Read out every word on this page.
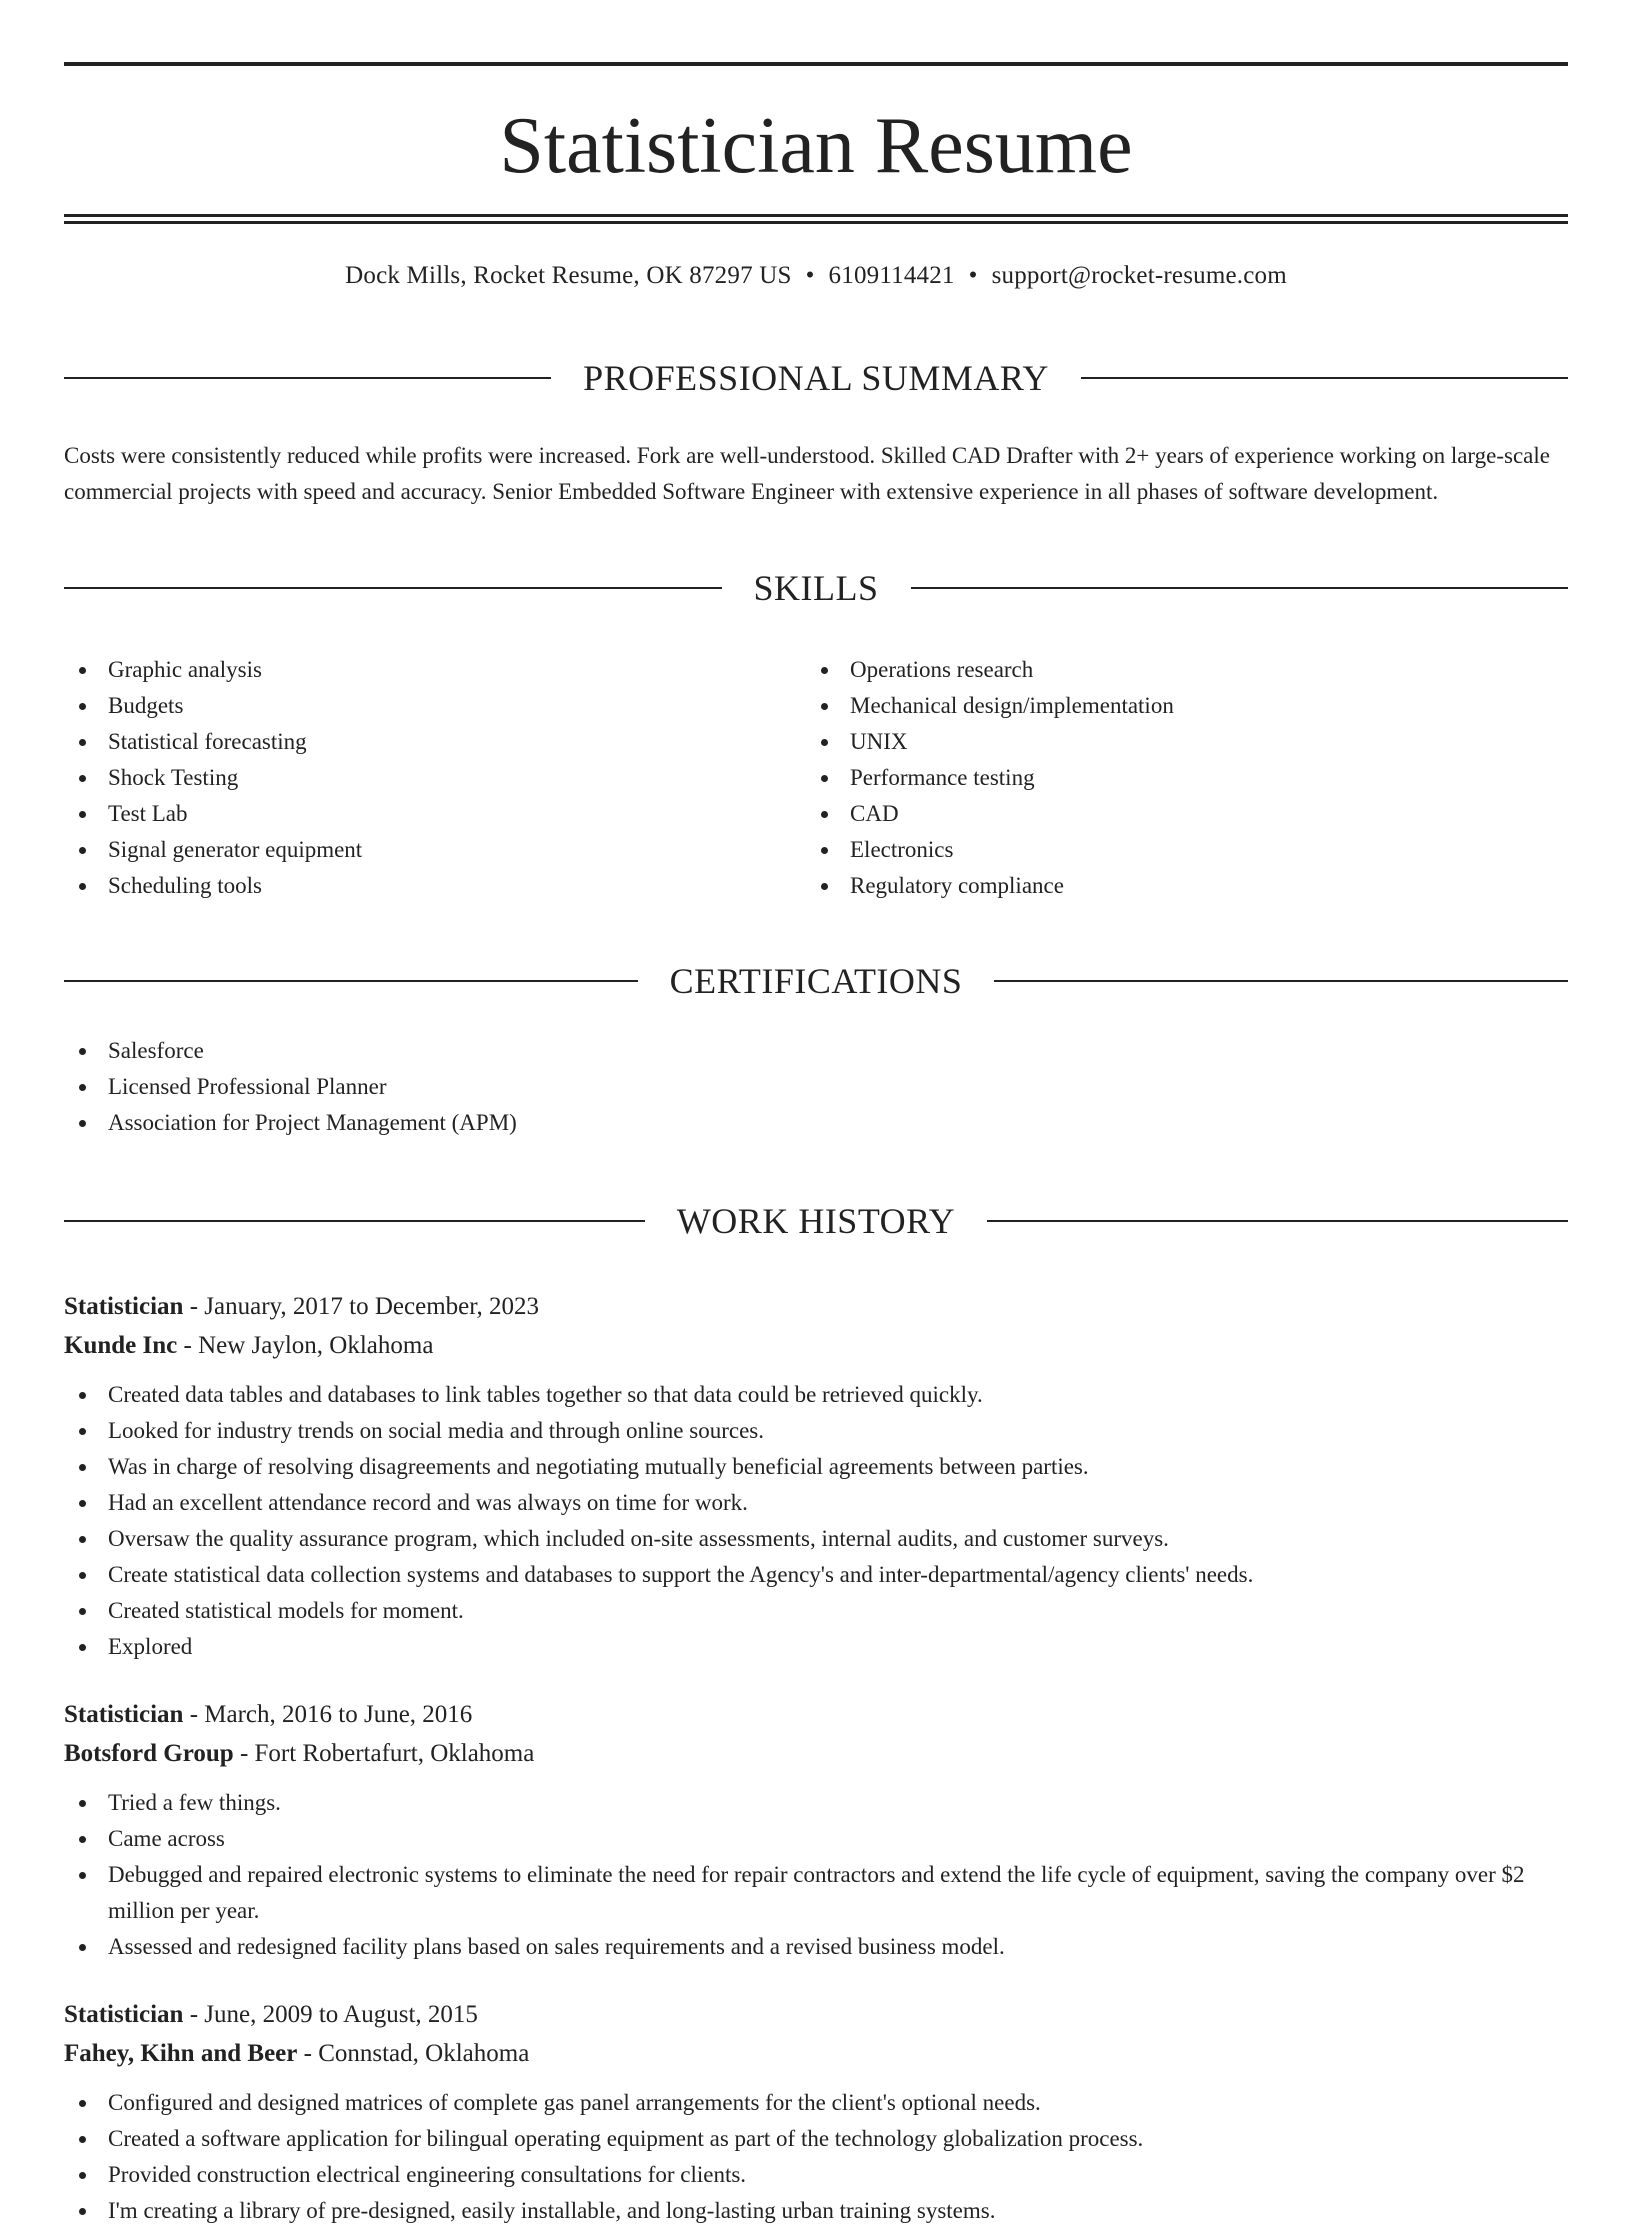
Statistician Resume
Dock Mills, Rocket Resume, OK 87297 US • 6109114421 • support@rocket-resume.com
PROFESSIONAL SUMMARY

Costs were consistently reduced while profits were increased. Fork are well-understood. Skilled CAD Drafter with 2+ years of experience working on large-scale commercial projects with speed and accuracy. Senior Embedded Software Engineer with extensive experience in all phases of software development.

SKILLS
Graphic analysis
Budgets
Statistical forecasting
Shock Testing
Test Lab
Signal generator equipment
Scheduling tools
Operations research
Mechanical design/implementation
UNIX
Performance testing
CAD
Electronics
Regulatory compliance
CERTIFICATIONS
Salesforce
Licensed Professional Planner
Association for Project Management (APM)
WORK HISTORY
Statistician - January, 2017 to December, 2023
Kunde Inc - New Jaylon, Oklahoma
Created data tables and databases to link tables together so that data could be retrieved quickly.
Looked for industry trends on social media and through online sources.
Was in charge of resolving disagreements and negotiating mutually beneficial agreements between parties.
Had an excellent attendance record and was always on time for work.
Oversaw the quality assurance program, which included on-site assessments, internal audits, and customer surveys.
Create statistical data collection systems and databases to support the Agency's and inter-departmental/agency clients' needs.
Created statistical models for moment.
Explored
Statistician - March, 2016 to June, 2016
Botsford Group - Fort Robertafurt, Oklahoma
Tried a few things.
Came across
Debugged and repaired electronic systems to eliminate the need for repair contractors and extend the life cycle of equipment, saving the company over $2 million per year.
Assessed and redesigned facility plans based on sales requirements and a revised business model.
Statistician - June, 2009 to August, 2015
Fahey, Kihn and Beer - Connstad, Oklahoma
Configured and designed matrices of complete gas panel arrangements for the client's optional needs.
Created a software application for bilingual operating equipment as part of the technology globalization process.
Provided construction electrical engineering consultations for clients.
I'm creating a library of pre-designed, easily installable, and long-lasting urban training systems.
